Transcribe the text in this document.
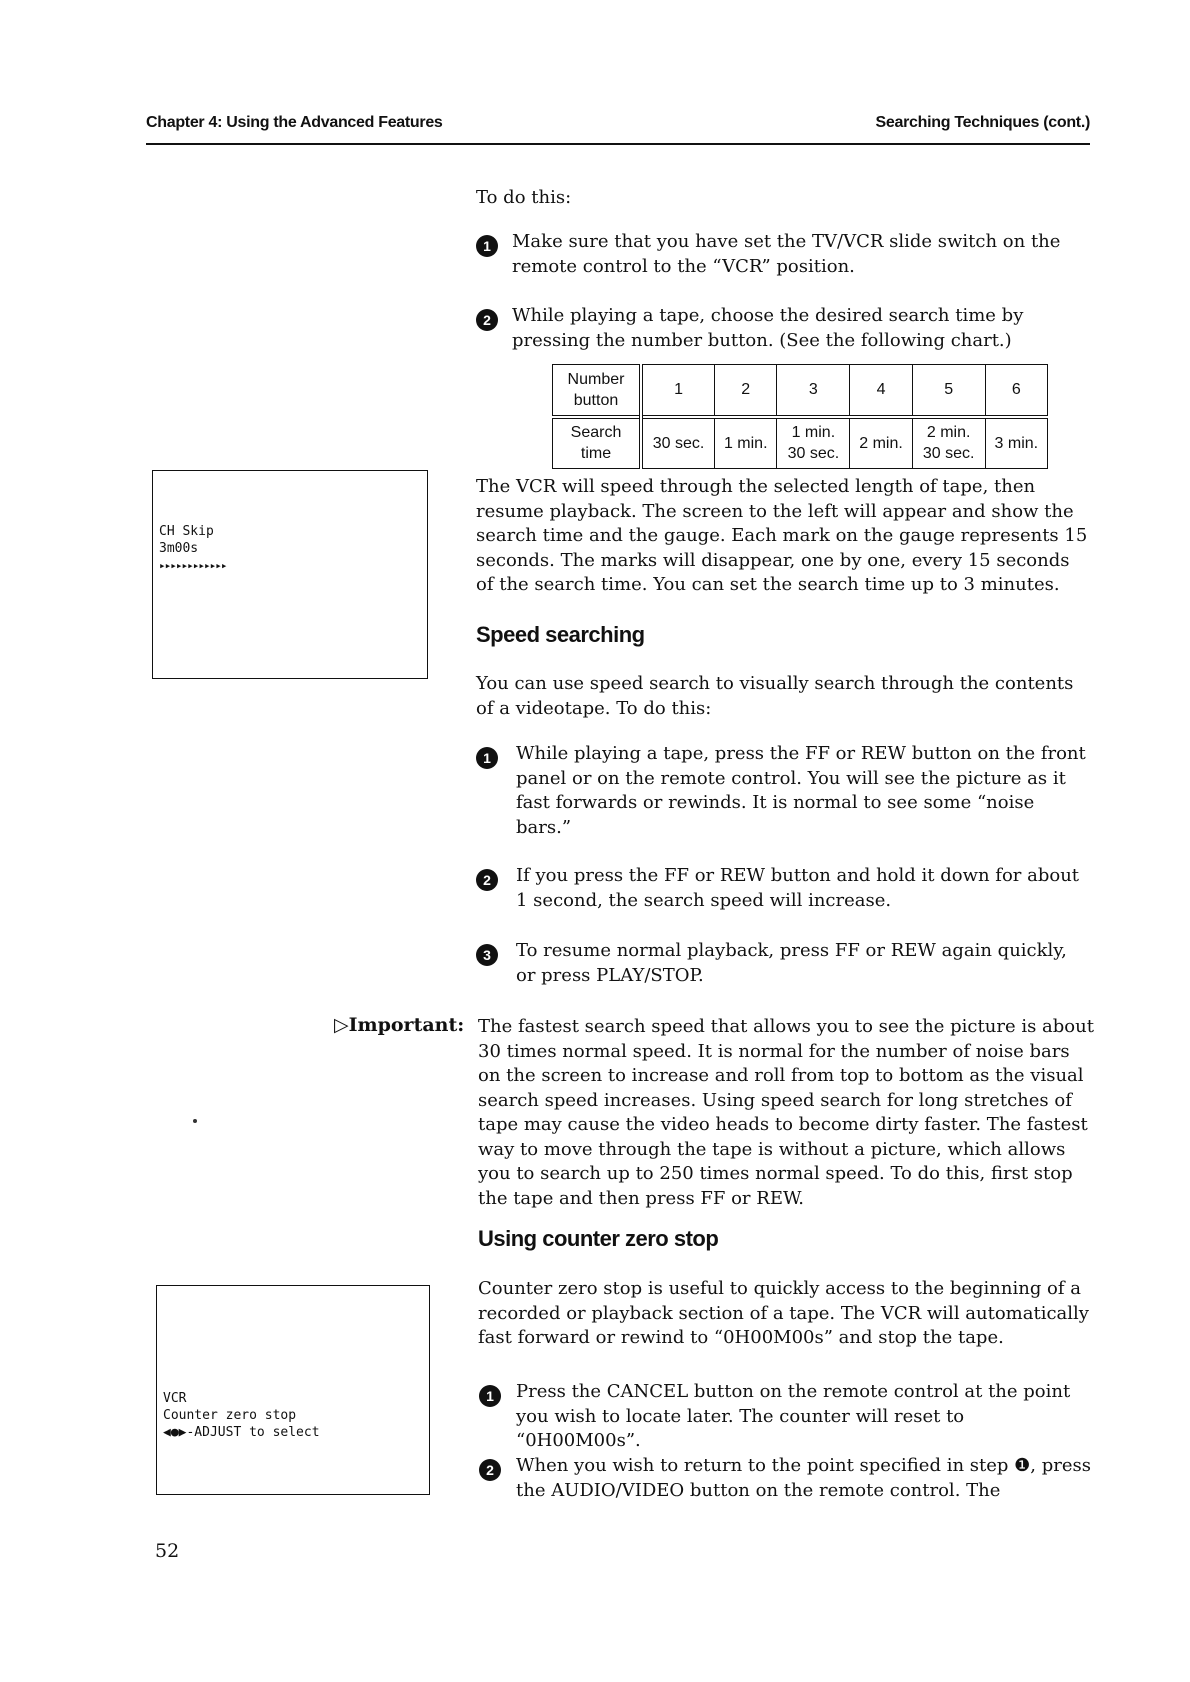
Chapter 4: Using the Advanced Features	Searching Techniques (cont.)

To do this:

1	Make sure that you have set the TV/VCR slide switch on the remote control to the “VCR” position.

2	While playing a tape, choose the desired search time by pressing the number button. (See the following chart.)

Number button	1	2	3	4	5	6
Search time	30 sec.	1 min.	1 min. 30 sec.	2 min.	2 min. 30 sec.	3 min.
CH Skip
3m00s
▸▸▸▸▸▸▸▸▸▸▸▸

The VCR will speed through the selected length of tape, then resume playback. The screen to the left will appear and show the search time and the gauge. Each mark on the gauge represents 15 seconds. The marks will disappear, one by one, every 15 seconds of the search time. You can set the search time up to 3 minutes.

Speed searching

You can use speed search to visually search through the contents of a videotape. To do this:

1	While playing a tape, press the FF or REW button on the front panel or on the remote control. You will see the picture as it fast forwards or rewinds. It is normal to see some “noise bars.”

2	If you press the FF or REW button and hold it down for about 1 second, the search speed will increase.

3	To resume normal playback, press FF or REW again quickly, or press PLAY/STOP.

▷Important: The fastest search speed that allows you to see the picture is about 30 times normal speed. It is normal for the number of noise bars on the screen to increase and roll from top to bottom as the visual search speed increases. Using speed search for long stretches of tape may cause the video heads to become dirty faster. The fastest way to move through the tape is without a picture, which allows you to search up to 250 times normal speed. To do this, first stop the tape and then press FF or REW.

Using counter zero stop

Counter zero stop is useful to quickly access to the beginning of a recorded or playback section of a tape. The VCR will automatically fast forward or rewind to “0H00M00s” and stop the tape.

1	Press the CANCEL button on the remote control at the point you wish to locate later. The counter will reset to “0H00M00s”.

2	When you wish to return to the point specified in step ❶, press the AUDIO/VIDEO button on the remote control. The

VCR
Counter zero stop
◀●▶-ADJUST to select
52
